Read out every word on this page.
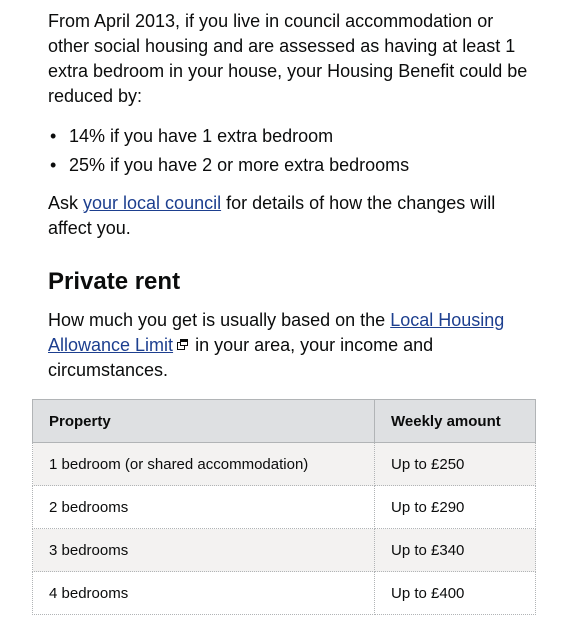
From April 2013, if you live in council accommodation or other social housing and are assessed as having at least 1 extra bedroom in your house, your Housing Benefit could be reduced by:

• 14% if you have 1 extra bedroom
• 25% if you have 2 or more extra bedrooms

Ask your local council for details of how the changes will affect you.

Private rent

How much you get is usually based on the Local Housing Allowance Limit in your area, your income and circumstances.

Property	Weekly amount
1 bedroom (or shared accommodation)	Up to £250
2 bedrooms	Up to £290
3 bedrooms	Up to £340
4 bedrooms	Up to £400
